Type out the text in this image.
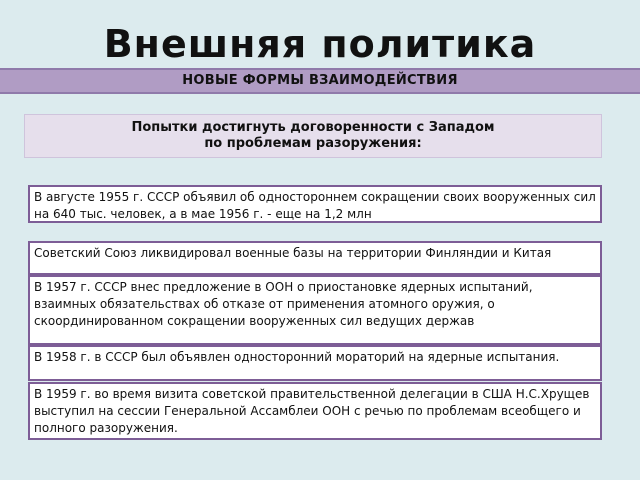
Внешняя политика
НОВЫЕ ФОРМЫ ВЗАИМОДЕЙСТВИЯ
Попытки достигнуть договоренности с Западом
по проблемам разоружения:
В августе 1955 г. СССР объявил об одностороннем сокращении своих вооруженных сил на 640 тыс. человек, а в мае 1956 г. - еще на 1,2 млн
Советский Союз ликвидировал военные базы на территории Финляндии и Китая
В 1957 г. СССР внес предложение в ООН о приостановке ядерных испытаний, взаимных обязательствах об отказе от применения атомного оружия, о скоординированном сокращении вооруженных сил ведущих держав
В 1958 г. в СССР был объявлен односторонний мораторий на ядерные испытания.
В 1959 г. во время визита советской правительственной делегации в США Н.С.Хрущев выступил на сессии Генеральной Ассамблеи ООН с речью по проблемам всеобщего и полного разоружения.
